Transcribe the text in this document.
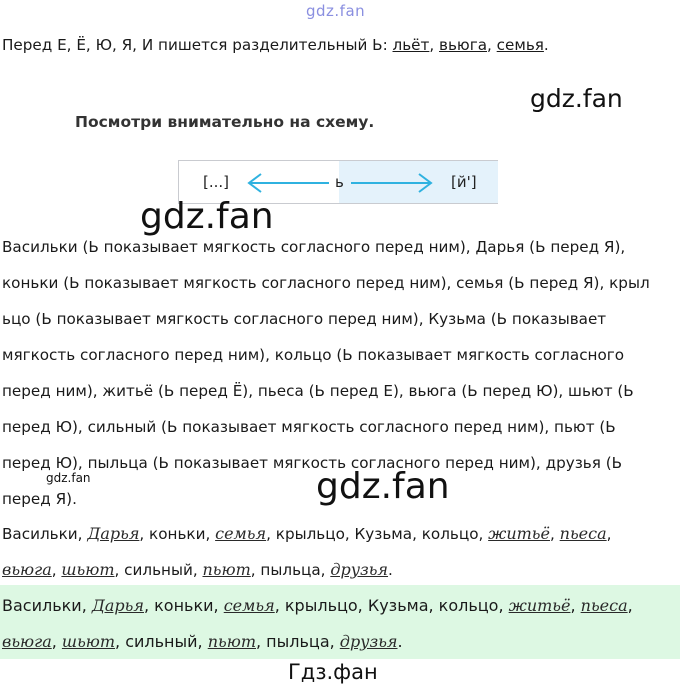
gdz.fan
Перед Е, Ё, Ю, Я, И пишется разделительный Ь: льёт, вьюга, семья.
gdz.fan
Посмотри внимательно на схему.
[...]	ь	[й']
gdz.fan
Васильки (Ь показывает мягкость согласного перед ним), Дарья (Ь перед Я),
коньки (Ь показывает мягкость согласного перед ним), семья (Ь перед Я), крыл
ьцо (Ь показывает мягкость согласного перед ним), Кузьма (Ь показывает
мягкость согласного перед ним), кольцо (Ь показывает мягкость согласного
перед ним), житьё (Ь перед Ё), пьеса (Ь перед Е), вьюга (Ь перед Ю), шьют (Ь
перед Ю), сильный (Ь показывает мягкость согласного перед ним), пьют (Ь
перед Ю), пыльца (Ь показывает мягкость согласного перед ним), друзья (Ь
перед Я).
gdz.fan	gdz.fan
Васильки, Дарья, коньки, семья, крыльцо, Кузьма, кольцо, житьё, пьеса,
вьюга, шьют, сильный, пьют, пыльца, друзья.
Васильки, Дарья, коньки, семья, крыльцо, Кузьма, кольцо, житьё, пьеса,
вьюга, шьют, сильный, пьют, пыльца, друзья.
Гдз.фан
